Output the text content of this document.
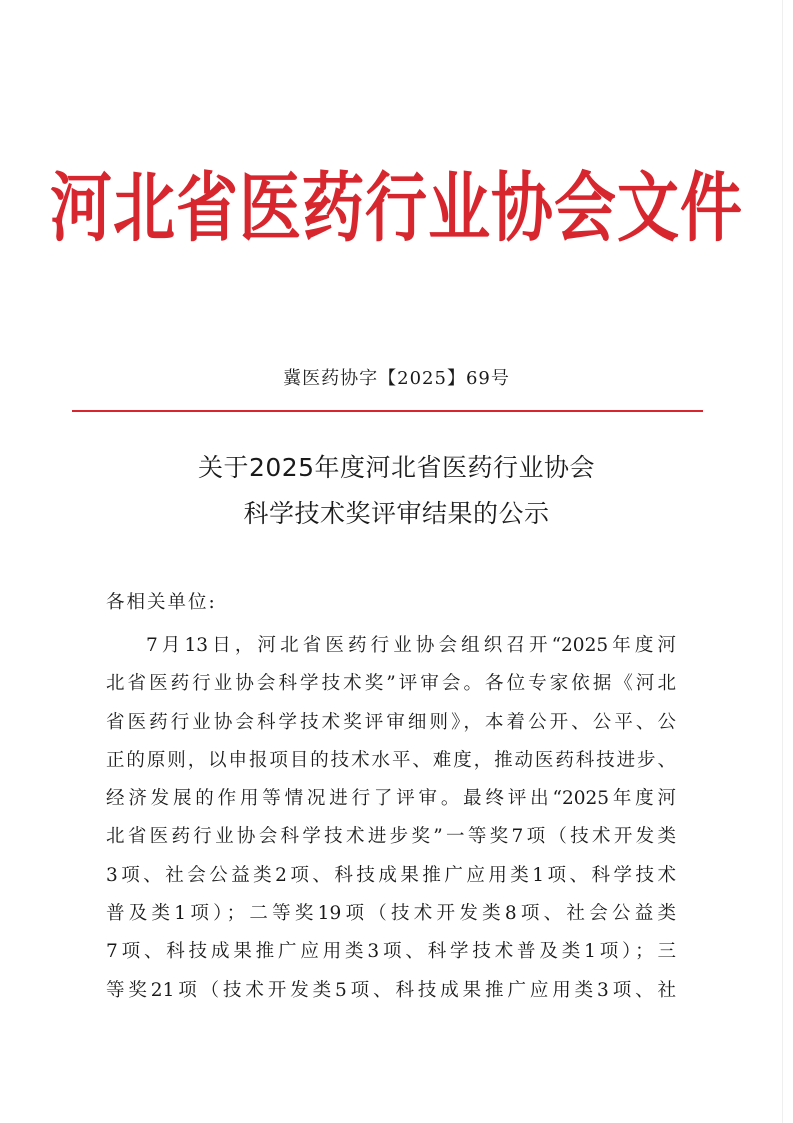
河北省医药行业协会文件
冀医药协字【2025】69号
关于2025年度河北省医药行业协会
科学技术奖评审结果的公示
各相关单位:
7月13日，河北省医药行业协会组织召开“2025年度河
北省医药行业协会科学技术奖”评审会。各位专家依据《河北
省医药行业协会科学技术奖评审细则》，本着公开、公平、公
正的原则，以申报项目的技术水平、难度，推动医药科技进步、
经济发展的作用等情况进行了评审。最终评出“2025年度河
北省医药行业协会科学技术进步奖”一等奖7项（技术开发类
3项、社会公益类2项、科技成果推广应用类1项、科学技术
普及类1项）；二等奖19项（技术开发类8项、社会公益类
7项、科技成果推广应用类3项、科学技术普及类1项）；三
等奖21项（技术开发类5项、科技成果推广应用类3项、社
